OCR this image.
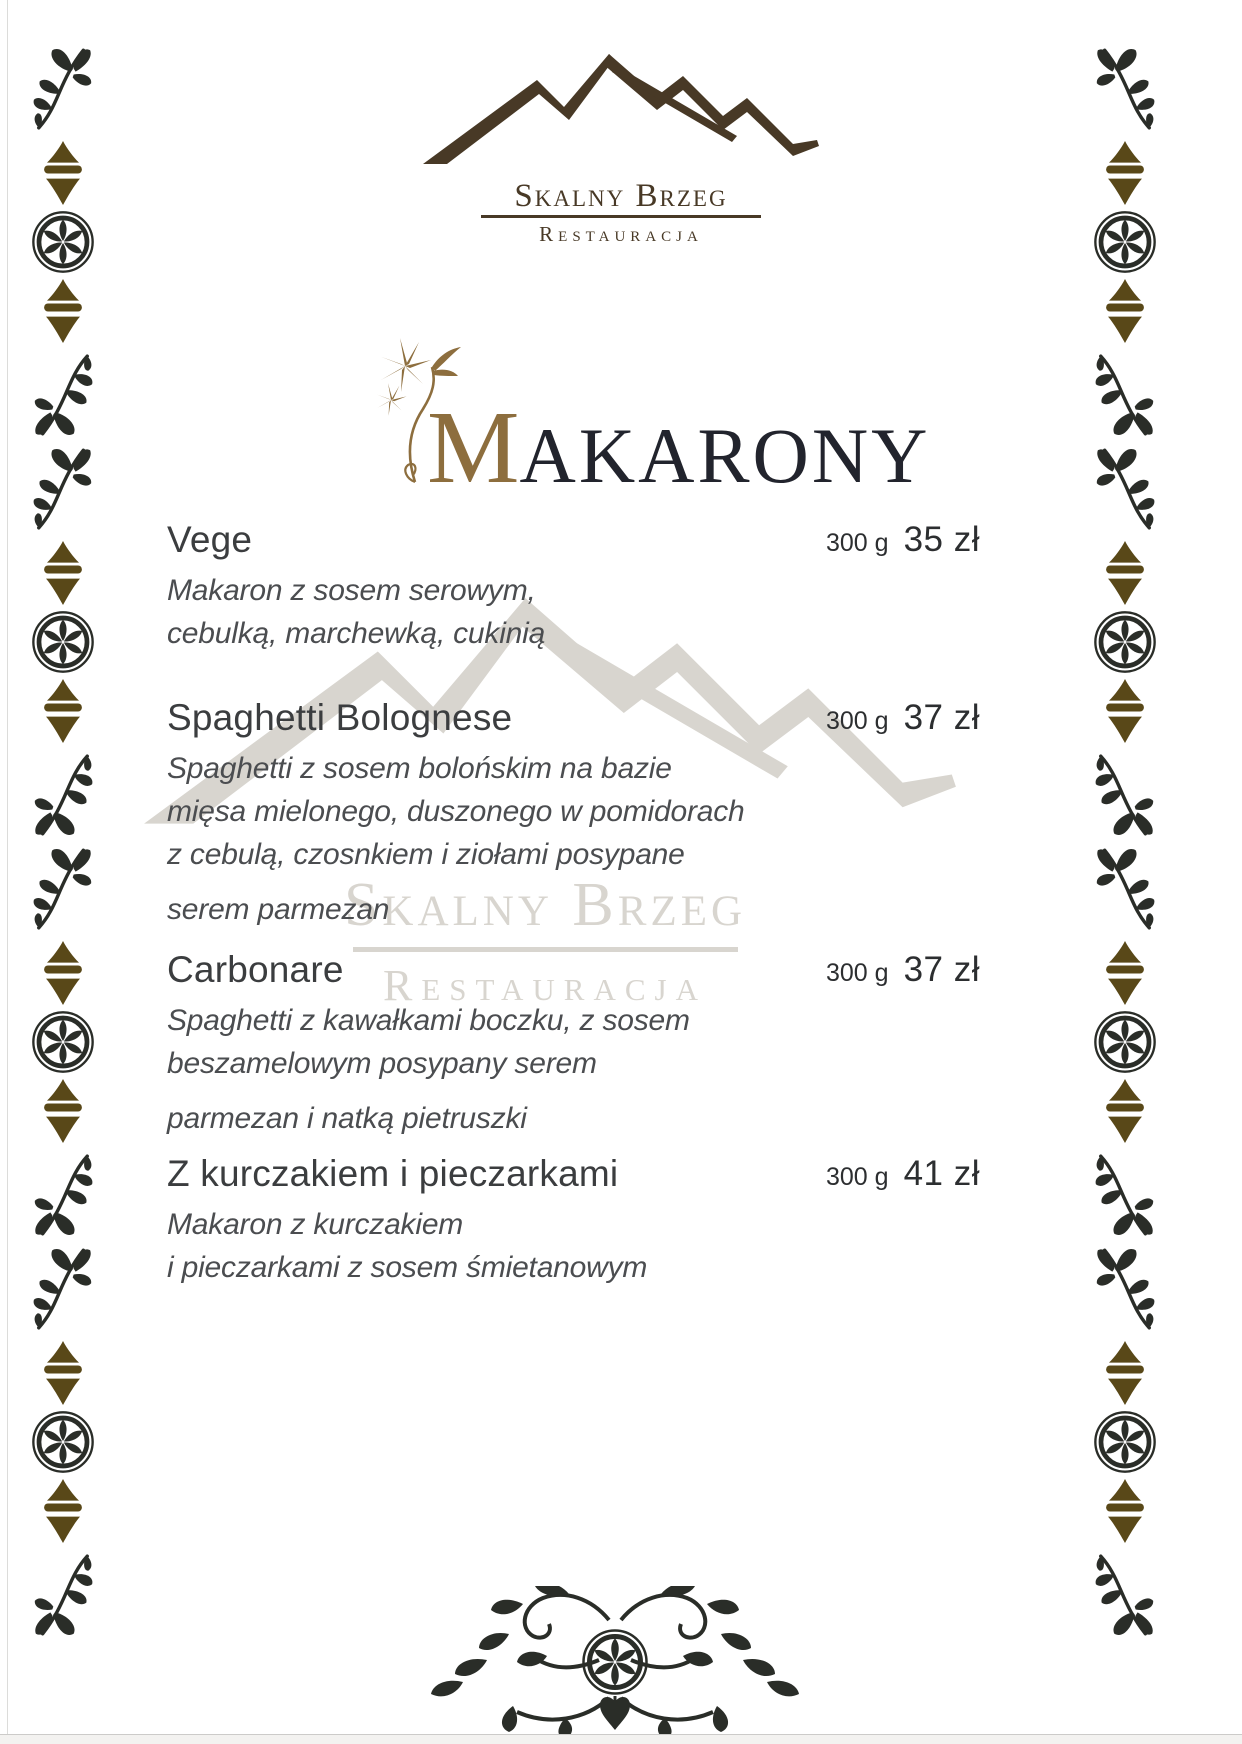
Skalny Brzeg
Restauracja
Skalny Brzeg
Restauracja
M AKARONY
Vege
Makaron z sosem serowym,
cebulką, marchewką, cukinią
300 g 35 zł
Spaghetti Bolognese
Spaghetti z sosem bolońskim na bazie
mięsa mielonego, duszonego w pomidorach
z cebulą, czosnkiem i ziołami posypane
serem parmezan
300 g 37 zł
Carbonare
Spaghetti z kawałkami boczku, z sosem
beszamelowym posypany serem
parmezan i natką pietruszki
300 g 37 zł
Z kurczakiem i pieczarkami
Makaron z kurczakiem
i pieczarkami z sosem śmietanowym
300 g 41 zł
